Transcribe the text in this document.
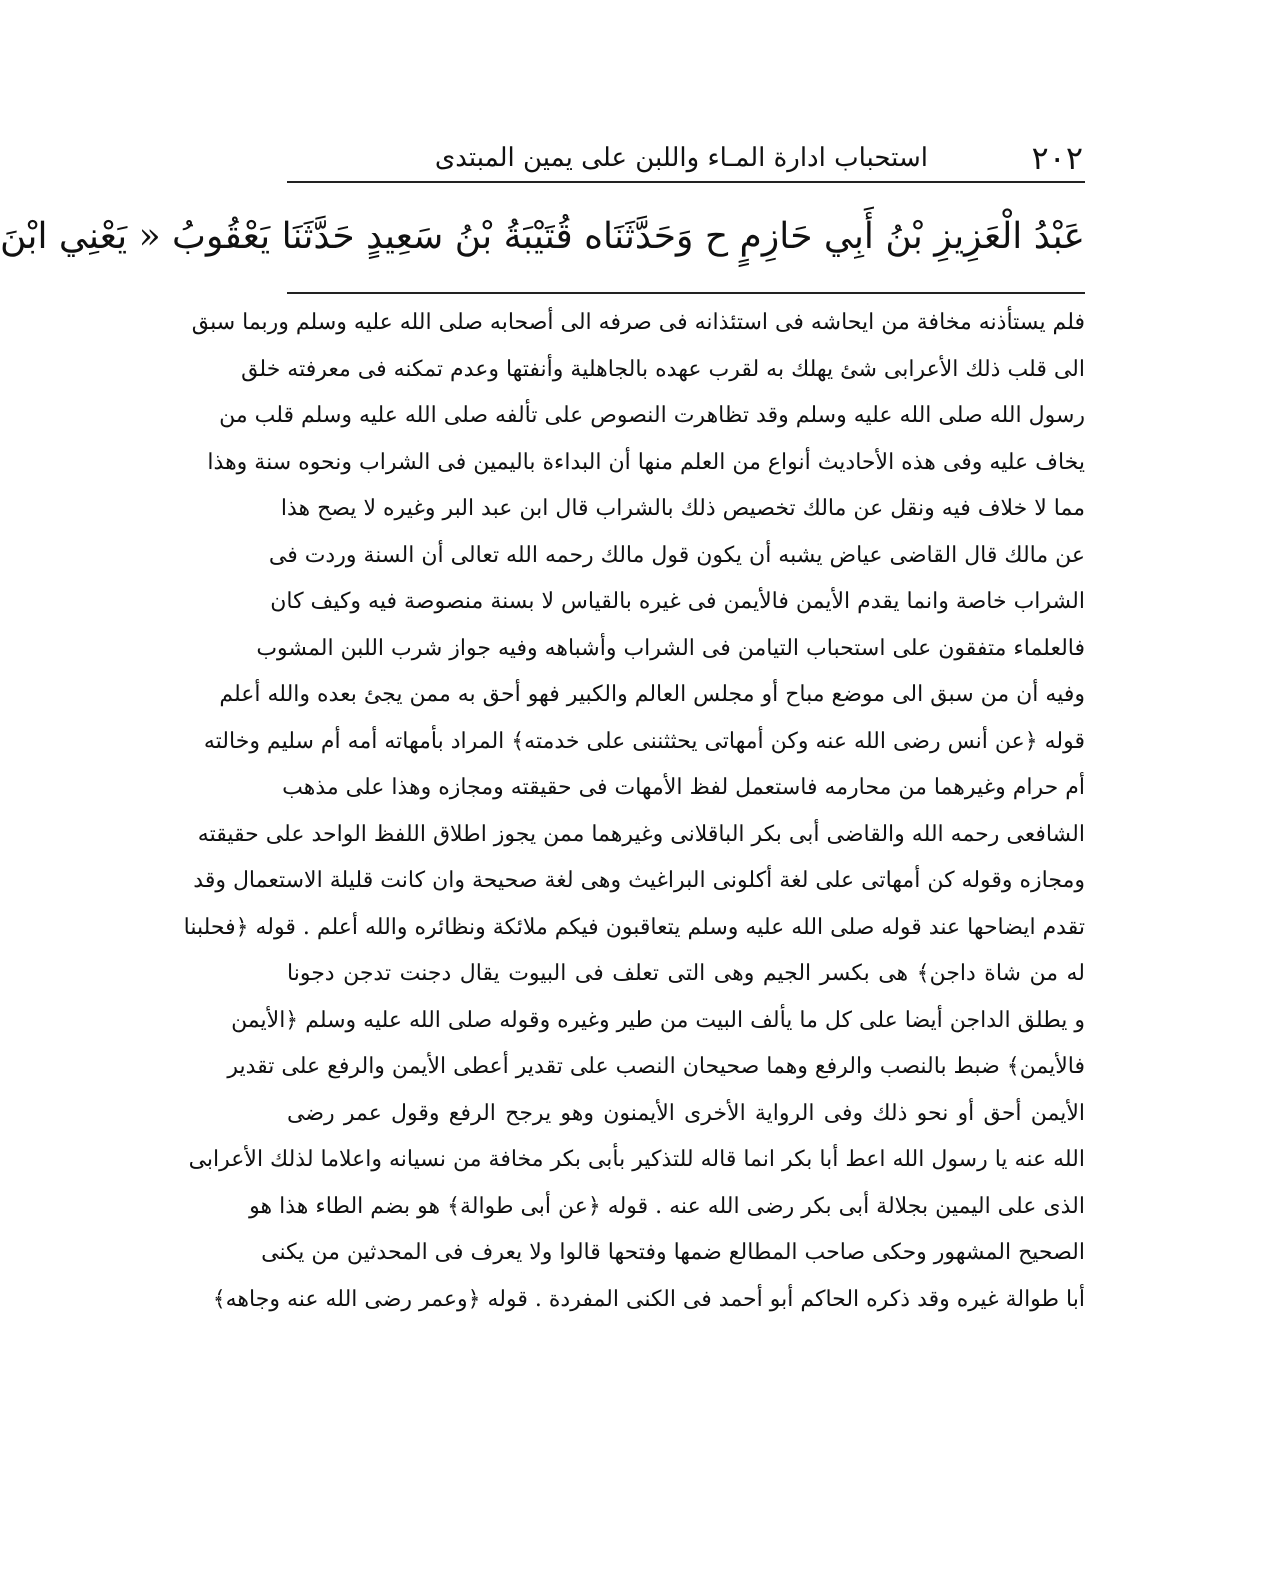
٢٠٢
استحباب ادارة المـاء واللبن على يمين المبتدى
عَبْدُ الْعَزِيزِ بْنُ أَبِي حَازِمٍ ح وَحَدَّثَنَاه قُتَيْبَةُ بْنُ سَعِيدٍ حَدَّثَنَا يَعْقُوبُ « يَعْنِي ابْنَ
فلم يستأذنه مخافة من ايحاشه فى استئذانه فى صرفه الى أصحابه صلى الله عليه وسلم وربما سبق
الى قلب ذلك الأعرابى شئ يهلك به لقرب عهده بالجاهلية وأنفتها وعدم تمكنه فى معرفته خلق
رسول الله صلى الله عليه وسلم وقد تظاهرت النصوص على تألفه صلى الله عليه وسلم قلب من
يخاف عليه وفى هذه الأحاديث أنواع من العلم منها أن البداءة باليمين فى الشراب ونحوه سنة وهذا
مما لا خلاف فيه ونقل عن مالك تخصيص ذلك بالشراب قال ابن عبد البر وغيره لا يصح هذا
عن مالك قال القاضى عياض يشبه أن يكون قول مالك رحمه الله تعالى أن السنة وردت فى
الشراب خاصة وانما يقدم الأيمن فالأيمن فى غيره بالقياس لا بسنة منصوصة فيه وكيف كان
فالعلماء متفقون على استحباب التيامن فى الشراب وأشباهه وفيه جواز شرب اللبن المشوب
وفيه أن من سبق الى موضع مباح أو مجلس العالم والكبير فهو أحق به ممن يجئ بعده والله أعلم
قوله ﴿عن أنس رضى الله عنه وكن أمهاتى يحثثننى على خدمته﴾ المراد بأمهاته أمه أم سليم وخالته
أم حرام وغيرهما من محارمه فاستعمل لفظ الأمهات فى حقيقته ومجازه وهذا على مذهب
الشافعى رحمه الله والقاضى أبى بكر الباقلانى وغيرهما ممن يجوز اطلاق اللفظ الواحد على حقيقته
ومجازه وقوله كن أمهاتى على لغة أكلونى البراغيث وهى لغة صحيحة وان كانت قليلة الاستعمال وقد
تقدم ايضاحها عند قوله صلى الله عليه وسلم يتعاقبون فيكم ملائكة ونظائره والله أعلم . قوله ﴿فحلبنا
له من شاة داجن﴾ هى بكسر الجيم وهى التى تعلف فى البيوت يقال دجنت تدجن دجونا
و يطلق الداجن أيضا على كل ما يألف البيت من طير وغيره وقوله صلى الله عليه وسلم ﴿الأيمن
فالأيمن﴾ ضبط بالنصب والرفع وهما صحيحان النصب على تقدير أعطى الأيمن والرفع على تقدير
الأيمن أحق أو نحو ذلك وفى الرواية الأخرى الأيمنون وهو يرجح الرفع وقول عمر رضى
الله عنه يا رسول الله اعط أبا بكر انما قاله للتذكير بأبى بكر مخافة من نسيانه واعلاما لذلك الأعرابى
الذى على اليمين بجلالة أبى بكر رضى الله عنه . قوله ﴿عن أبى طوالة﴾ هو بضم الطاء هذا هو
الصحيح المشهور وحكى صاحب المطالع ضمها وفتحها قالوا ولا يعرف فى المحدثين من يكنى
أبا طوالة غيره وقد ذكره الحاكم أبو أحمد فى الكنى المفردة . قوله ﴿وعمر رضى الله عنه وجاهه﴾
